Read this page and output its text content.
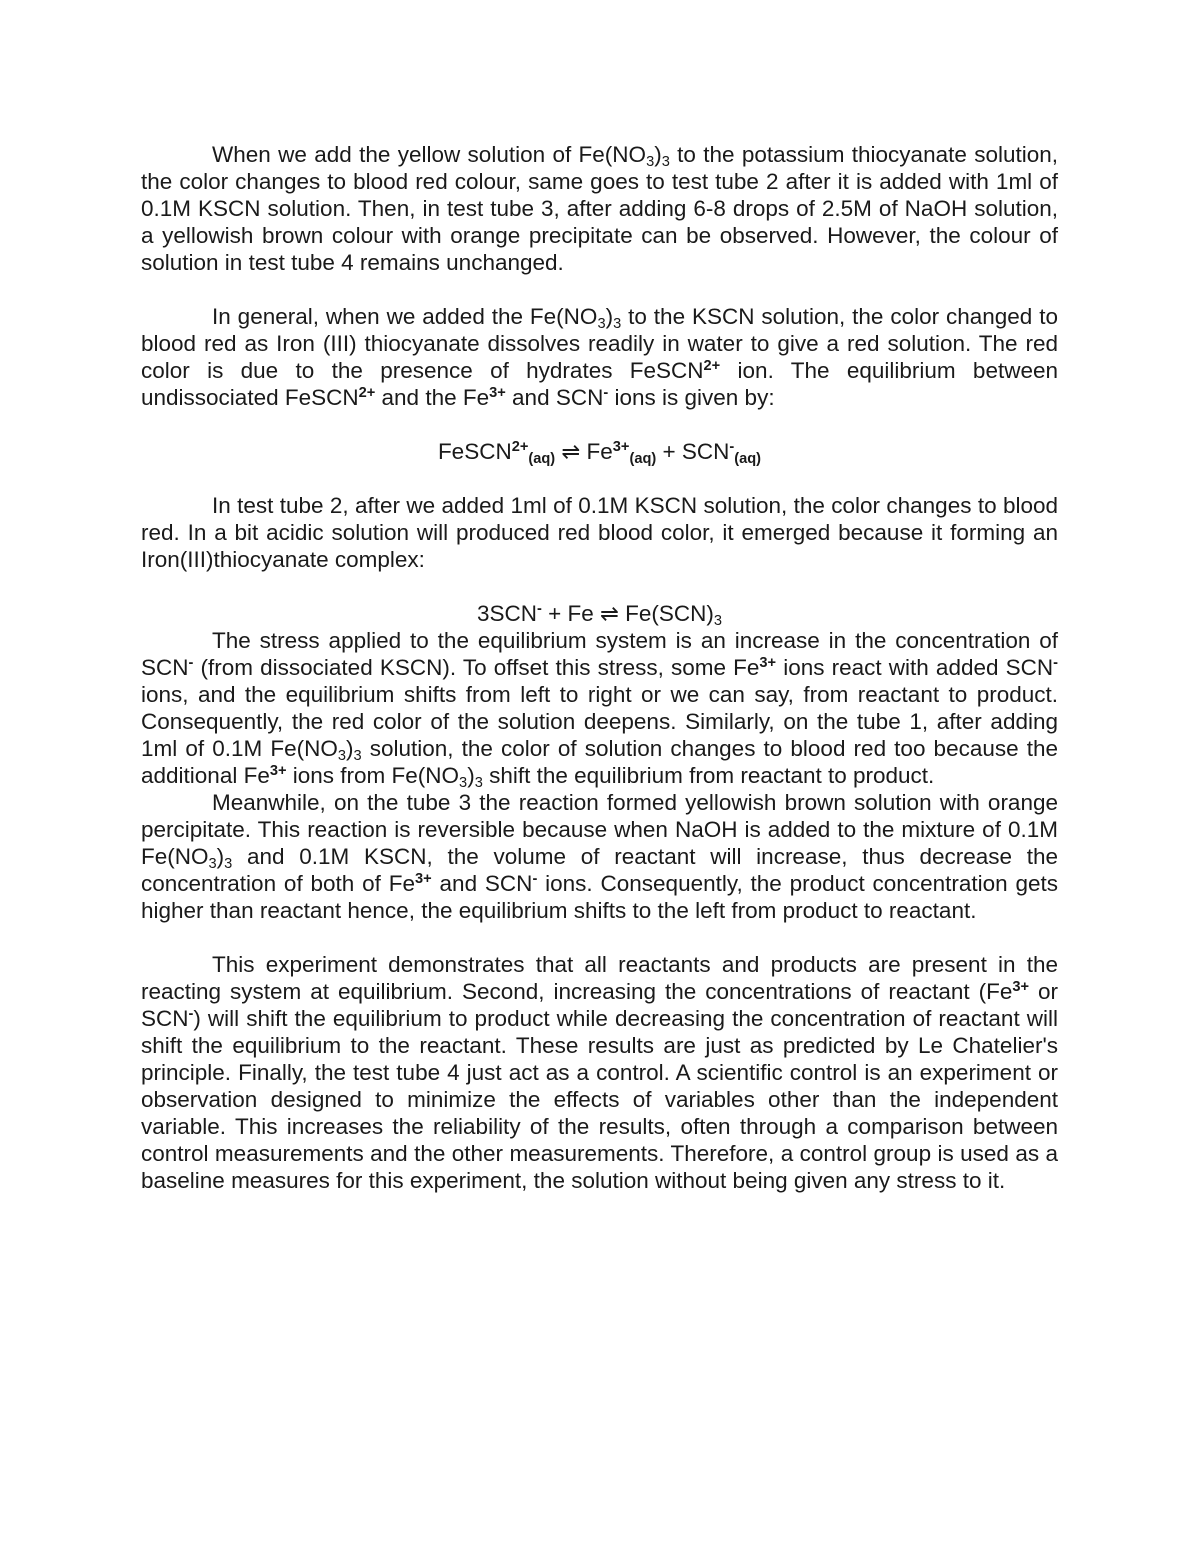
When we add the yellow solution of $Fe(NO_3)_3$ to the potassium thiocyanate solution, the color changes to blood red colour, same goes to test tube 2 after it is added with 1ml of 0.1M KSCN solution. Then, in test tube 3, after adding 6-8 drops of 2.5M of NaOH solution, a yellowish brown colour with orange precipitate can be observed. However, the colour of solution in test tube 4 remains unchanged.

In general, when we added the $Fe(NO_3)_3$ to the KSCN solution, the color changed to blood red as Iron (III) thiocyanate dissolves readily in water to give a red solution. The red color is due to the presence of hydrates FeSCN$^{2+}$ ion. The equilibrium between undissociated FeSCN$^{2+}$ and the $Fe^{3+}$ and SCN- ions is given by:

FeSCN$^{2+}_{(aq)}$ ⇌ $Fe^{3+}_{(aq)} + SCN^-_{(aq)}$

In test tube 2, after we added 1ml of 0.1M KSCN solution, the color changes to blood red. In a bit acidic solution will produced red blood color, it emerged because it forming an Iron(III)thiocyanate complex:

3SCN- + Fe ⇌ $Fe(SCN)_3$

The stress applied to the equilibrium system is an increase in the concentration of SCN- (from dissociated KSCN). To offset this stress, some $Fe^{3+}$ ions react with added SCN- ions, and the equilibrium shifts from left to right or we can say, from reactant to product. Consequently, the red color of the solution deepens. Similarly, on the tube 1, after adding 1ml of 0.1M $Fe(NO_3)_3$ solution, the color of solution changes to blood red too because the additional $Fe^{3+}$ ions from $Fe(NO_3)_3$ shift the equilibrium from reactant to product.

Meanwhile, on the tube 3 the reaction formed yellowish brown solution with orange percipitate. This reaction is reversible because when NaOH is added to the mixture of 0.1M $Fe(NO_3)_3$ and 0.1M KSCN, the volume of reactant will increase, thus decrease the concentration of both of $Fe^{3+}$ and SCN- ions. Consequently, the product concentration gets higher than reactant hence, the equilibrium shifts to the left from product to reactant.

This experiment demonstrates that all reactants and products are present in the reacting system at equilibrium. Second, increasing the concentrations of reactant ($Fe^{3+}$ or SCN-) will shift the equilibrium to product while decreasing the concentration of reactant will shift the equilibrium to the reactant. These results are just as predicted by Le Chatelier's principle. Finally, the test tube 4 just act as a control. A scientific control is an experiment or observation designed to minimize the effects of variables other than the independent variable. This increases the reliability of the results, often through a comparison between control measurements and the other measurements. Therefore, a control group is used as a baseline measures for this experiment, the solution without being given any stress to it.
